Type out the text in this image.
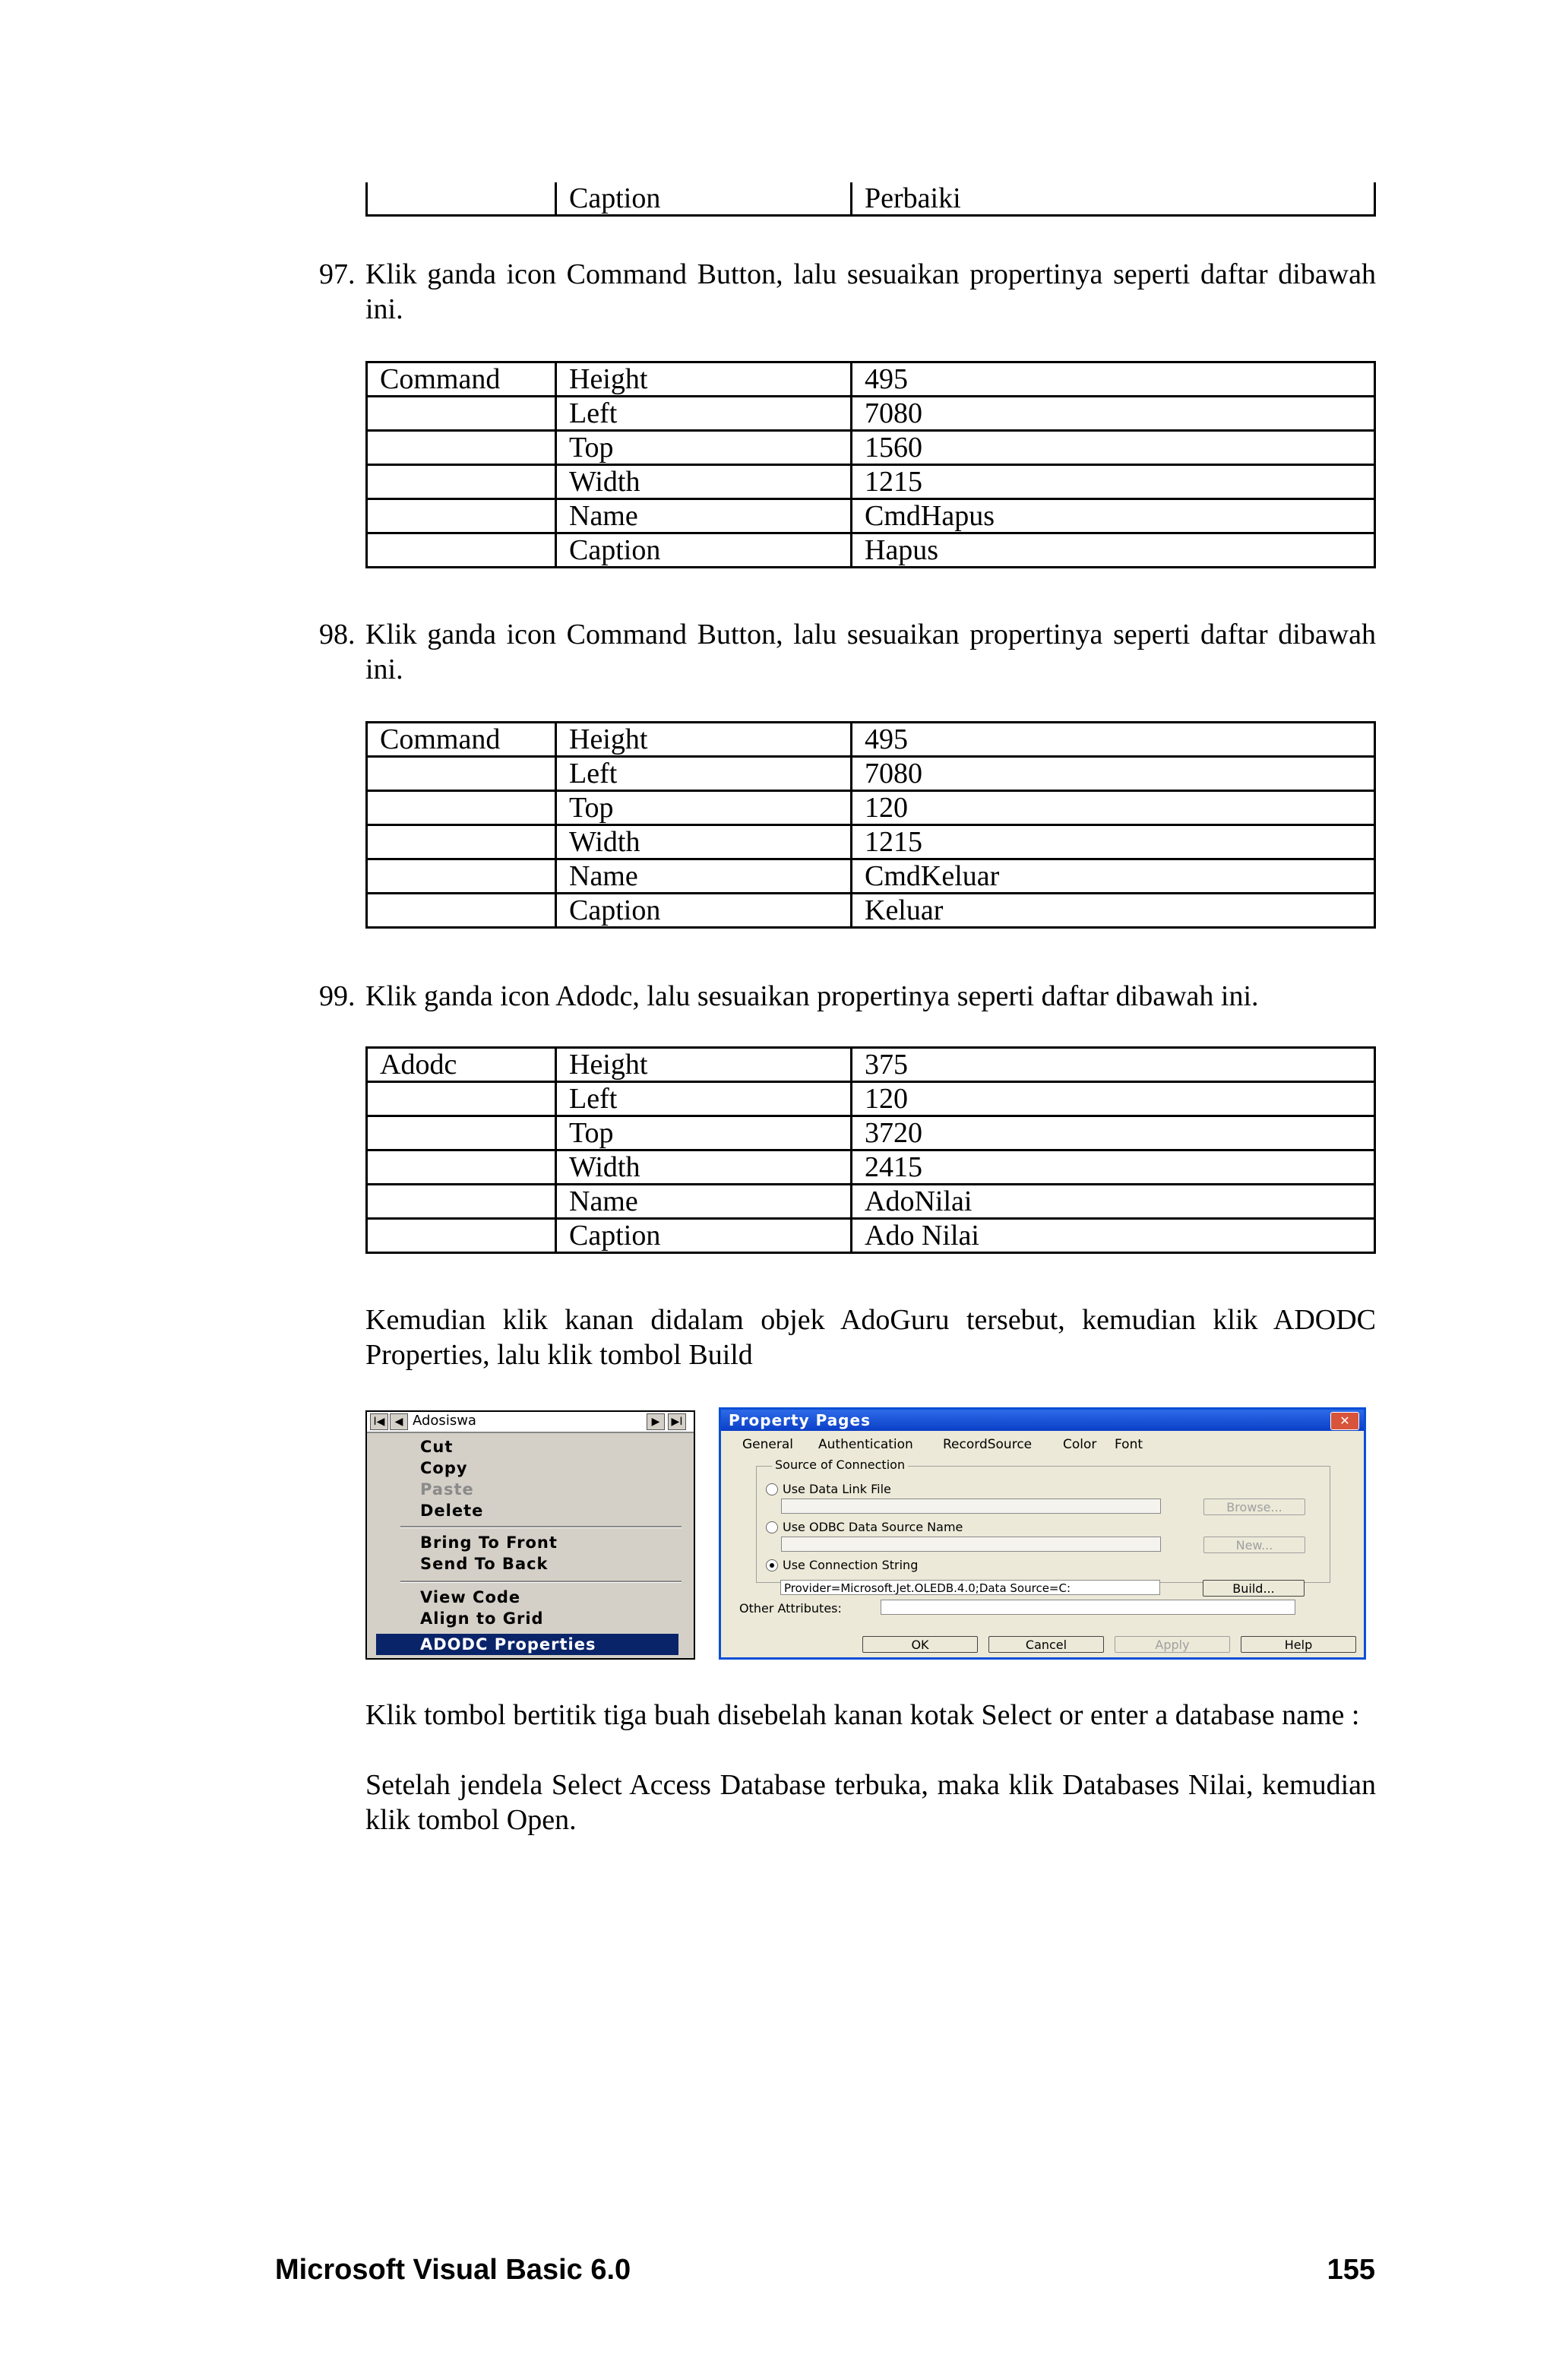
	Caption	Perbaiki
97. Klik ganda icon Command Button, lalu sesuaikan propertinya seperti daftar dibawah ini.
Command	Height	495
	Left	7080
	Top	1560
	Width	1215
	Name	CmdHapus
	Caption	Hapus
98. Klik ganda icon Command Button, lalu sesuaikan propertinya seperti daftar dibawah ini.
Command	Height	495
	Left	7080
	Top	120
	Width	1215
	Name	CmdKeluar
	Caption	Keluar
99. Klik ganda icon Adodc, lalu sesuaikan propertinya seperti daftar dibawah ini.
Adodc	Height	375
	Left	120
	Top	3720
	Width	2415
	Name	AdoNilai
	Caption	Ado Nilai
Kemudian klik kanan didalam objek AdoGuru tersebut, kemudian klik ADODC Properties, lalu klik tombol Build
I◀ ◀ Adosiswa	▶	▶I
Cut
Copy
Paste
Delete
Bring To Front
Send To Back
View Code
Align to Grid
ADODC Properties
Property Pages	✕
General Authentication RecordSource Color Font
Source of Connection
Use Data Link File
Browse...
Use ODBC Data Source Name
New...
Use Connection String
Provider=Microsoft.Jet.OLEDB.4.0;Data Source=C:	Build...
Other Attributes:
OK	Cancel	Apply	Help
Klik tombol bertitik tiga buah disebelah kanan kotak Select or enter a database name :
Setelah jendela Select Access Database terbuka, maka klik Databases Nilai, kemudian klik tombol Open.
Microsoft Visual Basic 6.0	155
